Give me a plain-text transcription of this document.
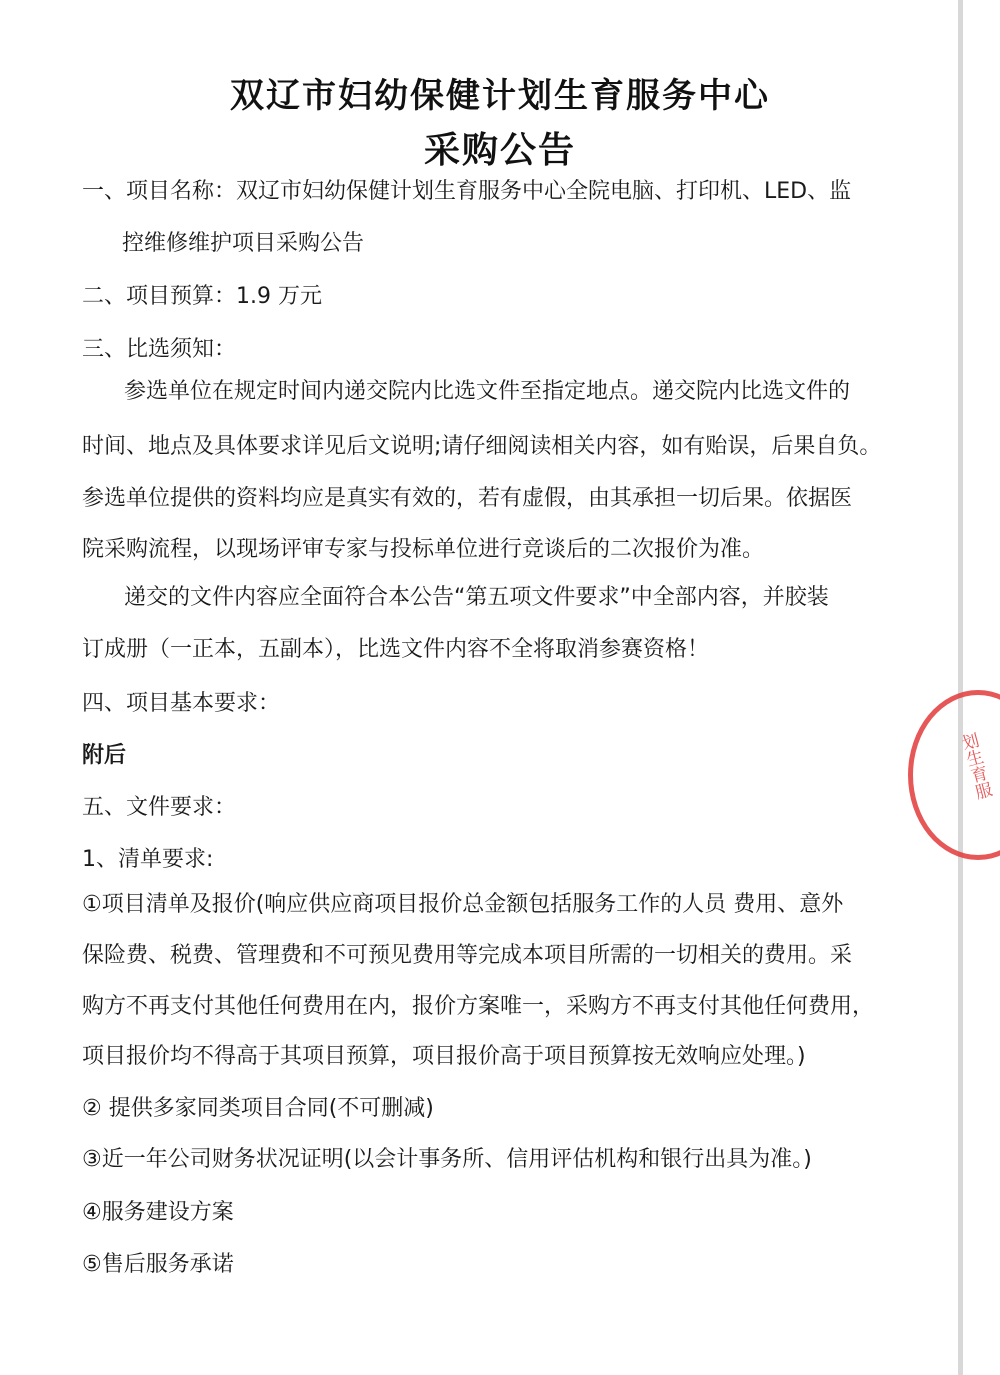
双辽市妇幼保健计划生育服务中心
采购公告
一、项目名称：双辽市妇幼保健计划生育服务中心全院电脑、打印机、LED、监
控维修维护项目采购公告
二、项目预算：1.9 万元
三、比选须知：
参选单位在规定时间内递交院内比选文件至指定地点。递交院内比选文件的
时间、地点及具体要求详见后文说明;请仔细阅读相关内容，如有贻误，后果自负。
参选单位提供的资料均应是真实有效的，若有虚假，由其承担一切后果。依据医
院采购流程，以现场评审专家与投标单位进行竞谈后的二次报价为准。
递交的文件内容应全面符合本公告“第五项文件要求”中全部内容，并胶装
订成册（一正本，五副本），比选文件内容不全将取消参赛资格！
四、项目基本要求：
附后
五、文件要求：
1、清单要求:
①项目清单及报价(响应供应商项目报价总金额包括服务工作的人员 费用、意外
保险费、税费、管理费和不可预见费用等完成本项目所需的一切相关的费用。采
购方不再支付其他任何费用在内，报价方案唯一，采购方不再支付其他任何费用，
项目报价均不得高于其项目预算，项目报价高于项目预算按无效响应处理。)
② 提供多家同类项目合同(不可删减)
③近一年公司财务状况证明(以会计事务所、信用评估机构和银行出具为准。)
④服务建设方案
⑤售后服务承诺
划生育服
